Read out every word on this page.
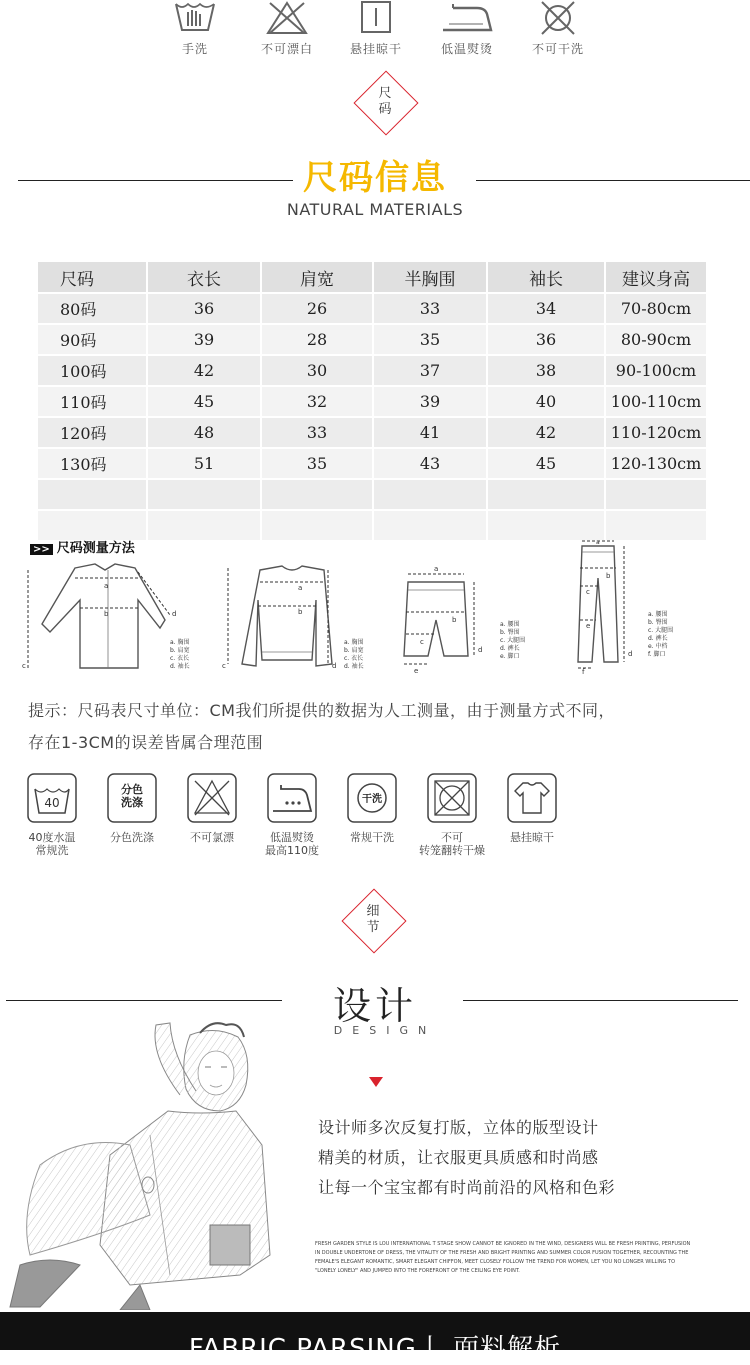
手洗	不可漂白	悬挂晾干	低温熨烫	不可干洗
尺码
尺码信息
NATURAL MATERIALS
尺码	衣长	肩宽	半胸围	袖长	建议身高
80码	36	26	33	34	70-80cm
90码	39	28	35	36	80-90cm
100码	42	30	37	38	90-100cm
110码	45	32	39	40	100-110cm
120码	48	33	41	42	110-120cm
130码	51	35	43	45	120-130cm

>> 尺码测量方法
a
b
c
d
a. 胸围
b. 肩宽
c. 衣长
d. 袖长
a
b
c	d
a. 胸围
b. 肩宽
c. 衣长
d. 袖长
a
b
c
d
e
a. 腰围
b. 臀围
c. 大腿围
d. 裤长
e. 脚口
a
b
c
d
e
f
a. 腰围
b. 臀围
c. 大腿围
d. 裤长
e. 中档
f. 脚口
提示：尺码表尺寸单位：CM我们所提供的数据为人工测量，由于测量方式不同，
存在1-3CM的误差皆属合理范围
40
40度水温
常规洗
分色洗涤
分色洗涤	不可氯漂	低温熨烫
最高110度
干洗
常规干洗	不可
转笼翻转干燥
悬挂晾干
细节
设计
DESIGN
设计师多次反复打版，立体的版型设计
精美的材质，让衣服更具质感和时尚感
让每一个宝宝都有时尚前沿的风格和色彩
FRESH GARDEN STYLE IS LOU INTERNATIONAL T STAGE SHOW CANNOT BE IGNORED IN THE WIND, DESIGNERS WILL BE FRESH PRINTING, PERFUSION IN DOUBLE UNDERTONE OF DRESS, THE VITALITY OF THE FRESH AND BRIGHT PRINTING AND SUMMER COLOR FUSION TOGETHER, RECOUNTING THE FEMALE'S ELEGANT ROMANTIC, SMART ELEGANT CHIFFON, MEET CLOSELY FOLLOW THE TREND FOR WOMEN, LET YOU NO LONGER WILLING TO "LONELY LONELY" AND JUMPED INTO THE FOREFRONT OF THE CEILING EYE POINT.
FABRIC PARSING丨 面料解析
